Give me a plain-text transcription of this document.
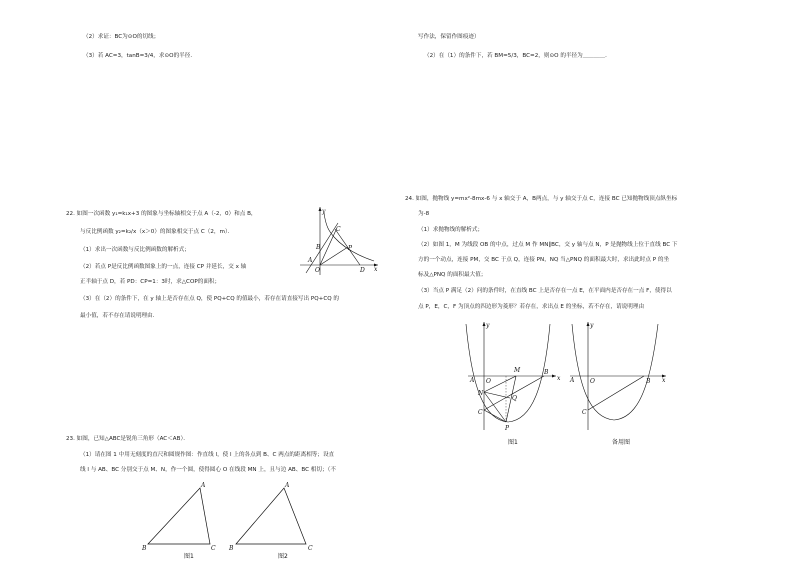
（2）求证：BC为⊙O的切线；
（3）若 AC=3，tanB=3/4，求⊙O的半径．
22. 如图一次函数 y₁=k₁x+3 的图象与坐标轴相交于点 A（-2，0）和点 B，
与反比例函数 y₂=k₂/x（x＞0）的图象相交于点 C（2，m）．
（1）求出一次函数与反比例函数的解析式；
（2）若点 P是反比例函数图象上的一点，连接 CP 并延长，交 x 轴
正半轴于点 D，若 PD：CP=1：3时，求△COP的面积；
（3）在（2）的条件下，在 y 轴上是否存在点 Q，使 PQ+CQ 的值最小，若存在请直接写出 PQ+CQ 的
最小值，若不存在请说明理由．
23. 如图，已知△ABC是锐角三角形（AC＜AB）．
（1）请在图 1 中用无刻度的直尺和圆规作图：作直线 l，使 l 上的各点到 B、C 两点的距离相等；设直
线 l 与 AB、BC 分别交于点 M、N，作一个圆，使得圆心 O 在线段 MN 上，且与边 AB、BC 相切；（不
x
y
A
B
C
P
O	D
A
B	C
图1
A
B	C
图2
写作法，保留作图痕迹）
（2）在（1）的条件下，若 BM=5/3，BC=2，则⊙O 的半径为＿＿＿＿．
24. 如图，抛物线 y=mx²-8mx-6 与 x 轴交于 A，B两点，与 y 轴交于点 C，连接 BC 已知抛物线顶点纵坐标
为-8
（1）求抛物线的解析式；
（2）如图 1，M 为线段 OB 的中点，过点 M 作 MN∥BC，交 y 轴与点 N，P 是抛物线上位于直线 BC 下
方的一个动点，连接 PM，交 BC 于点 Q，连接 PN，NQ 当△PNQ 的面积最大时，求出此时点 P 的坐
标及△PNQ 的面积最大值；
（3）当点 P 满足（2）问的条件时，在直线 BC 上是否存在一点 E，在平面内是否存在一点 F，使得以
点 P，E，C，F 为顶点的四边形为菱形？若存在，求出点 E 的坐标，若不存在，请说明理由
x
y
A O
M	B
N
Q
C
P
图1
x
y
A	O	B
C
备用图
